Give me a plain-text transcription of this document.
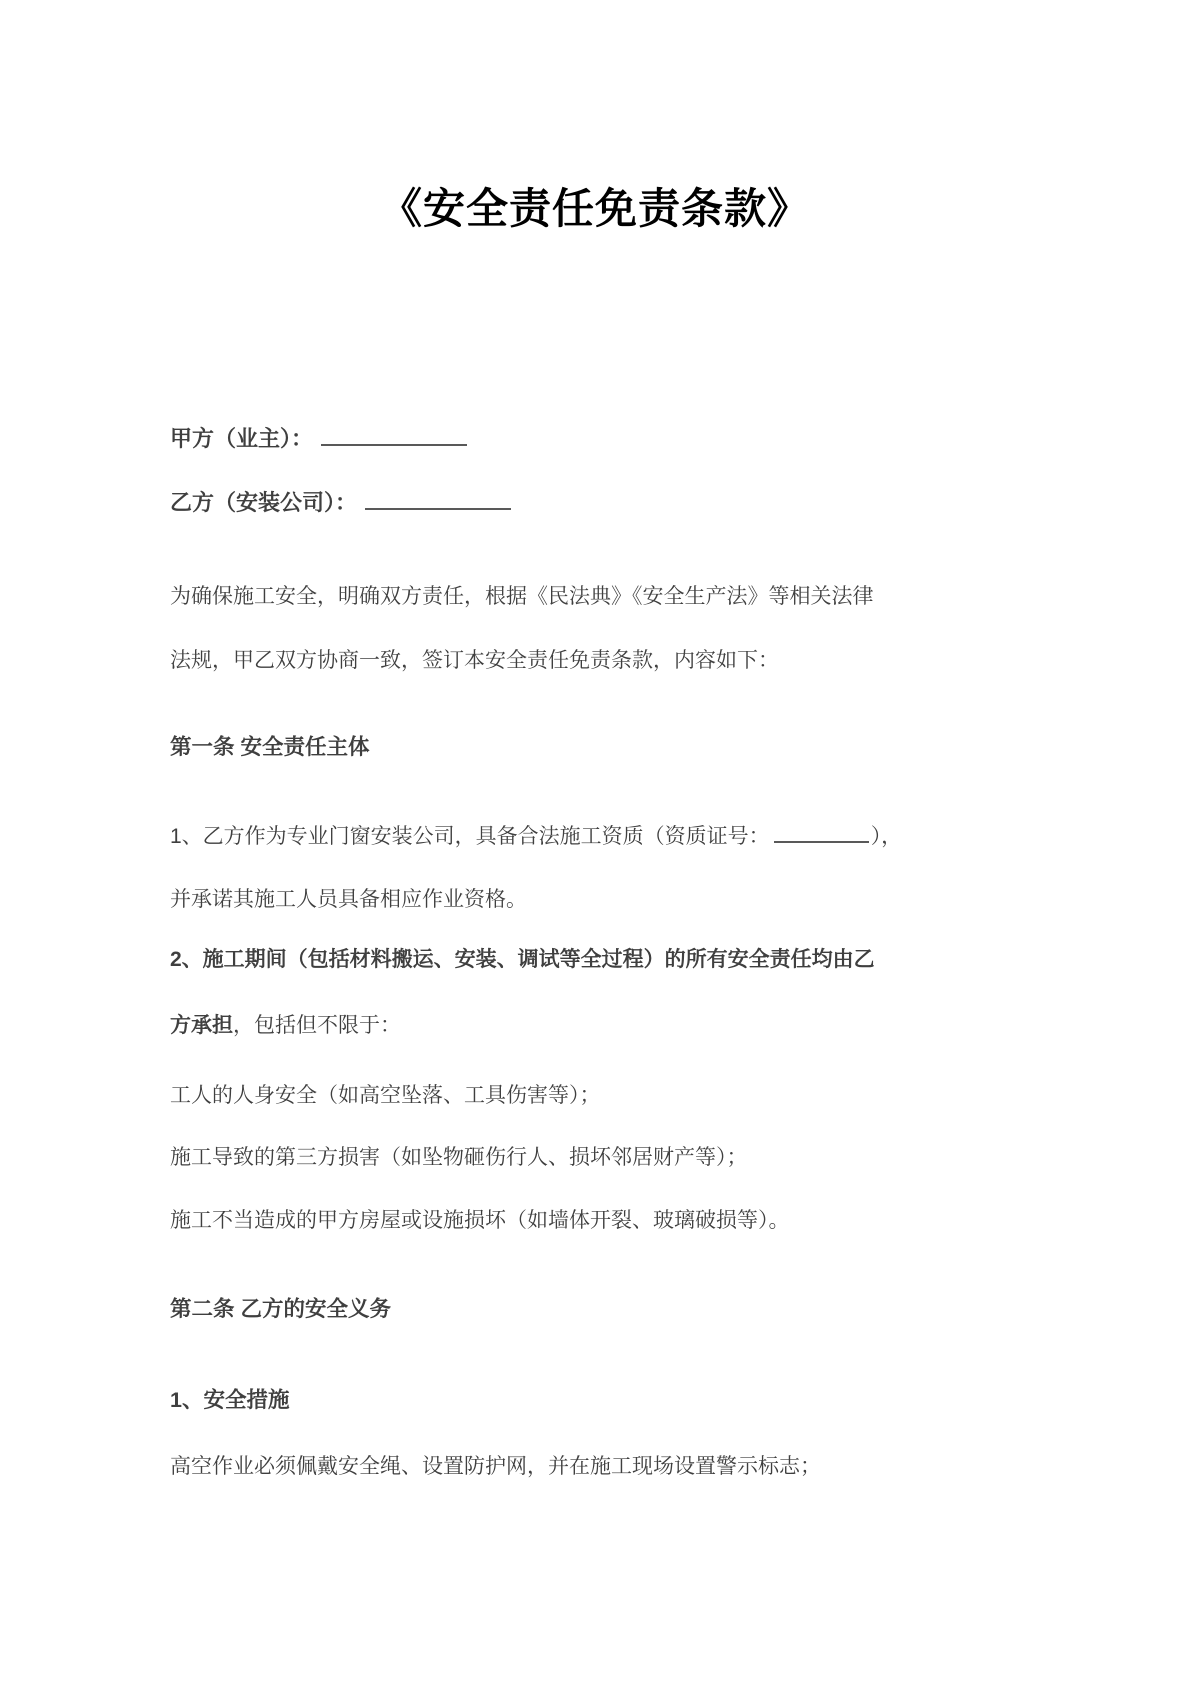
《安全责任免责条款》
甲方（业主）：
乙方（安装公司）：
为确保施工安全，明确双方责任，根据《民法典》《安全生产法》等相关法律
法规，甲乙双方协商一致，签订本安全责任免责条款，内容如下：
第一条 安全责任主体
1、乙方作为专业门窗安装公司，具备合法施工资质（资质证号：	），
并承诺其施工人员具备相应作业资格。
2、施工期间（包括材料搬运、安装、调试等全过程）的所有安全责任均由乙
方承担，包括但不限于：
工人的人身安全（如高空坠落、工具伤害等）；
施工导致的第三方损害（如坠物砸伤行人、损坏邻居财产等）；
施工不当造成的甲方房屋或设施损坏（如墙体开裂、玻璃破损等）。
第二条 乙方的安全义务
1、安全措施
高空作业必须佩戴安全绳、设置防护网，并在施工现场设置警示标志；
